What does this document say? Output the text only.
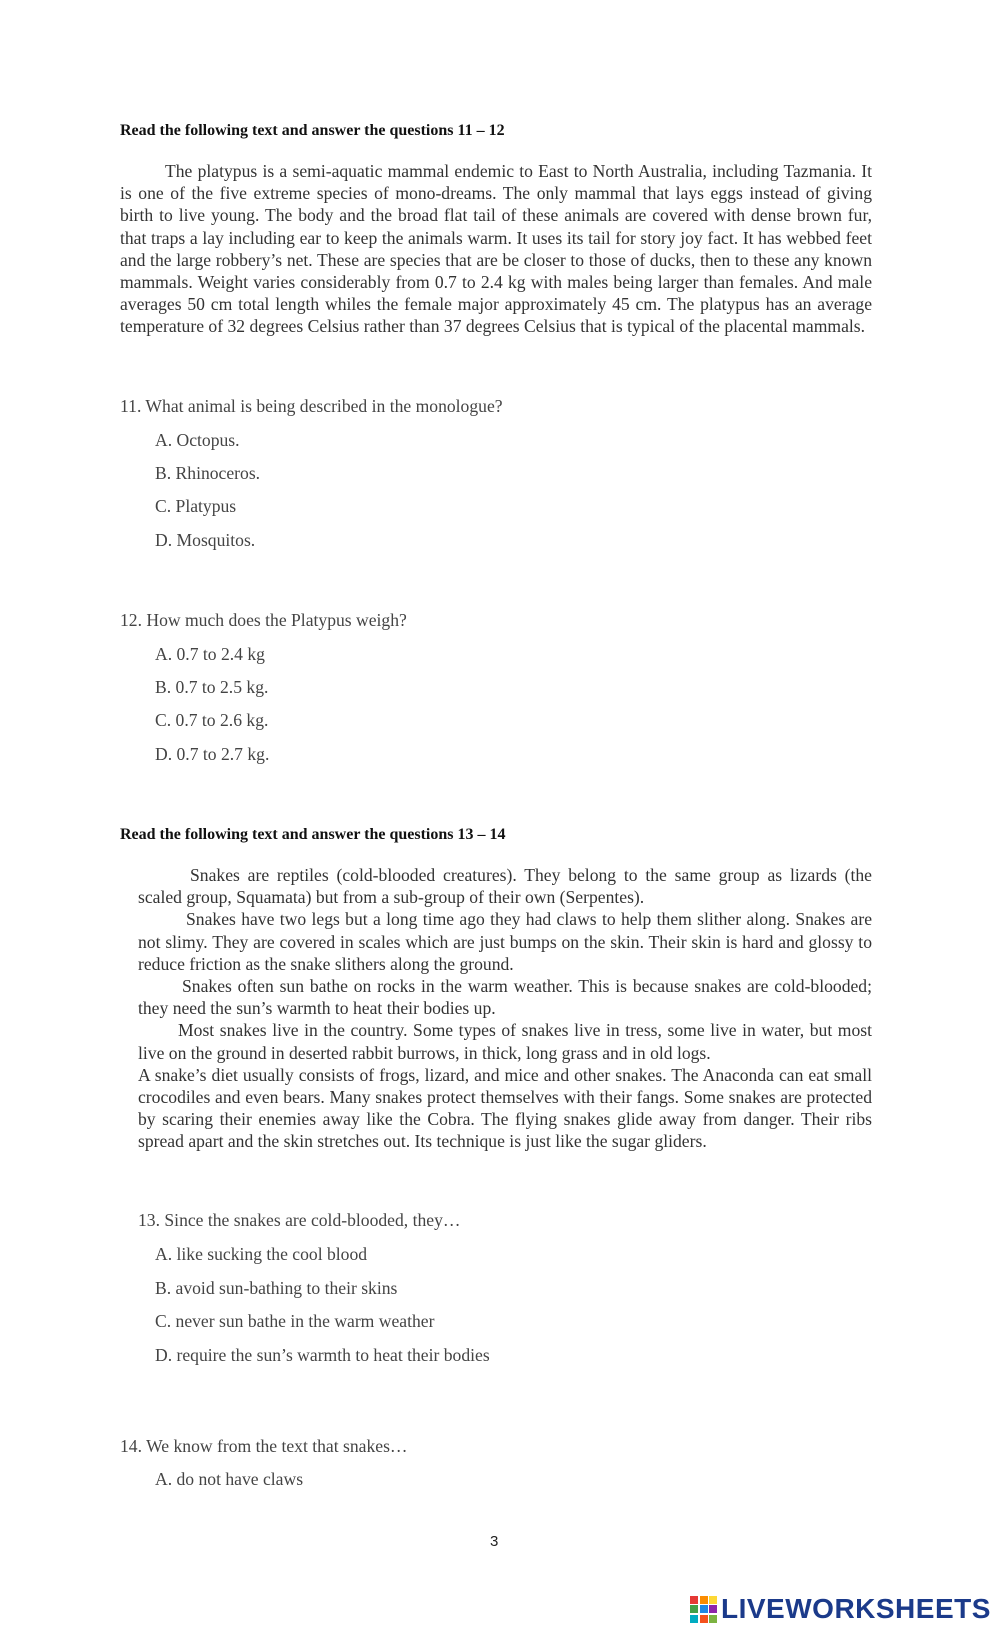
Read the following text and answer the questions 11 – 12
The platypus is a semi-aquatic mammal endemic to East to North Australia, including Tazmania. It is one of the five extreme species of mono-dreams. The only mammal that lays eggs instead of giving birth to live young. The body and the broad flat tail of these animals are covered with dense brown fur, that traps a lay including ear to keep the animals warm. It uses its tail for story joy fact. It has webbed feet and the large robbery’s net. These are species that are be closer to those of ducks, then to these any known mammals. Weight varies considerably from 0.7 to 2.4 kg with males being larger than females. And male averages 50 cm total length whiles the female major approximately 45 cm. The platypus has an average temperature of 32 degrees Celsius rather than 37 degrees Celsius that is typical of the placental mammals.
11. What animal is being described in the monologue?
A. Octopus.
B. Rhinoceros.
C. Platypus
D. Mosquitos.
12. How much does the Platypus weigh?
A. 0.7 to 2.4 kg
B. 0.7 to 2.5 kg.
C. 0.7 to 2.6 kg.
D. 0.7 to 2.7 kg.
Read the following text and answer the questions 13 – 14
Snakes are reptiles (cold-blooded creatures). They belong to the same group as lizards (the scaled group, Squamata) but from a sub-group of their own (Serpentes).
Snakes have two legs but a long time ago they had claws to help them slither along. Snakes are not slimy. They are covered in scales which are just bumps on the skin. Their skin is hard and glossy to reduce friction as the snake slithers along the ground.
Snakes often sun bathe on rocks in the warm weather. This is because snakes are cold-blooded; they need the sun’s warmth to heat their bodies up.
Most snakes live in the country. Some types of snakes live in tress, some live in water, but most live on the ground in deserted rabbit burrows, in thick, long grass and in old logs.
A snake’s diet usually consists of frogs, lizard, and mice and other snakes. The Anaconda can eat small crocodiles and even bears. Many snakes protect themselves with their fangs. Some snakes are protected by scaring their enemies away like the Cobra. The flying snakes glide away from danger. Their ribs spread apart and the skin stretches out. Its technique is just like the sugar gliders.
13. Since the snakes are cold-blooded, they…
A. like sucking the cool blood
B. avoid sun-bathing to their skins
C. never sun bathe in the warm weather
D. require the sun’s warmth to heat their bodies
14. We know from the text that snakes…
A. do not have claws
3
LIVEWORKSHEETS
